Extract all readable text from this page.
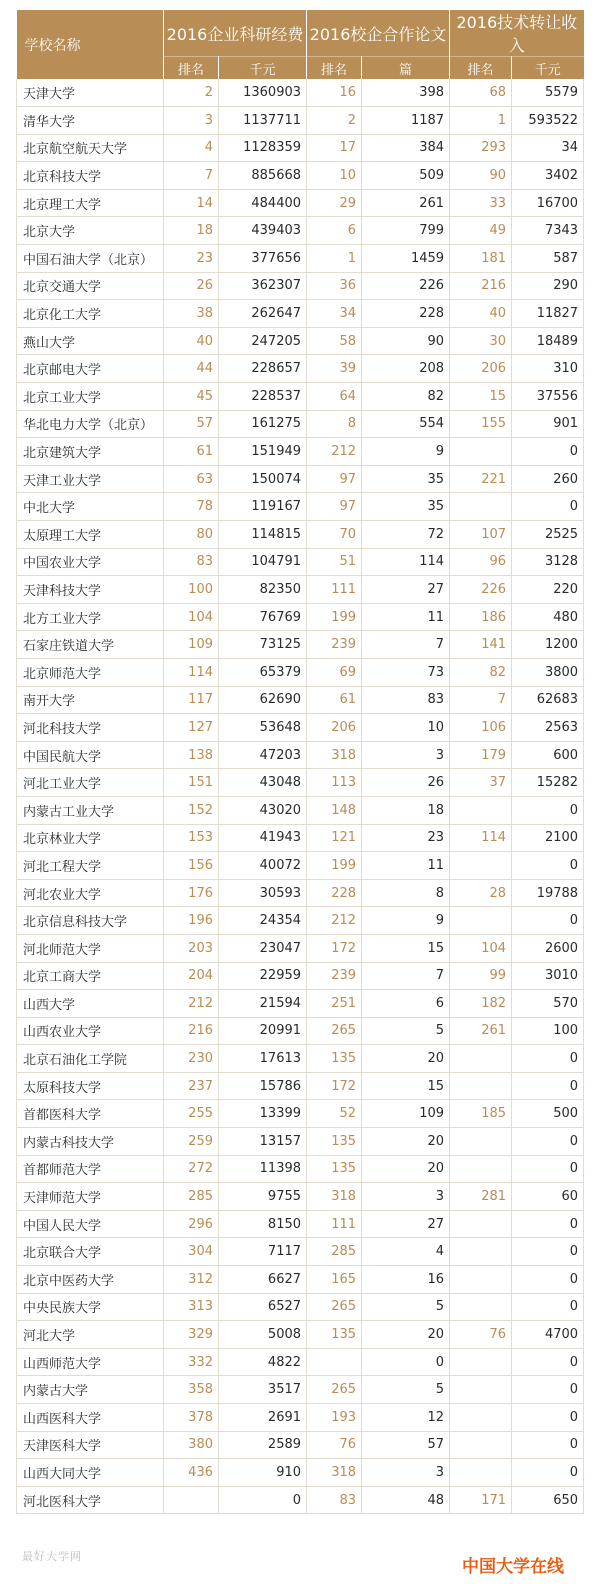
学校名称	2016企业科研经费		2016校企合作论文		2016技术转让收入	
	排名	千元	排名	篇	排名	千元
天津大学	2	1360903	16	398	68	5579
清华大学	3	1137711	2	1187	1	593522
北京航空航天大学	4	1128359	17	384	293	34
北京科技大学	7	885668	10	509	90	3402
北京理工大学	14	484400	29	261	33	16700
北京大学	18	439403	6	799	49	7343
中国石油大学（北京）	23	377656	1	1459	181	587
北京交通大学	26	362307	36	226	216	290
北京化工大学	38	262647	34	228	40	11827
燕山大学	40	247205	58	90	30	18489
北京邮电大学	44	228657	39	208	206	310
北京工业大学	45	228537	64	82	15	37556
华北电力大学（北京）	57	161275	8	554	155	901
北京建筑大学	61	151949	212	9		0
天津工业大学	63	150074	97	35	221	260
中北大学	78	119167	97	35		0
太原理工大学	80	114815	70	72	107	2525
中国农业大学	83	104791	51	114	96	3128
天津科技大学	100	82350	111	27	226	220
北方工业大学	104	76769	199	11	186	480
石家庄铁道大学	109	73125	239	7	141	1200
北京师范大学	114	65379	69	73	82	3800
南开大学	117	62690	61	83	7	62683
河北科技大学	127	53648	206	10	106	2563
中国民航大学	138	47203	318	3	179	600
河北工业大学	151	43048	113	26	37	15282
内蒙古工业大学	152	43020	148	18		0
北京林业大学	153	41943	121	23	114	2100
河北工程大学	156	40072	199	11		0
河北农业大学	176	30593	228	8	28	19788
北京信息科技大学	196	24354	212	9		0
河北师范大学	203	23047	172	15	104	2600
北京工商大学	204	22959	239	7	99	3010
山西大学	212	21594	251	6	182	570
山西农业大学	216	20991	265	5	261	100
北京石油化工学院	230	17613	135	20		0
太原科技大学	237	15786	172	15		0
首都医科大学	255	13399	52	109	185	500
内蒙古科技大学	259	13157	135	20		0
首都师范大学	272	11398	135	20		0
天津师范大学	285	9755	318	3	281	60
中国人民大学	296	8150	111	27		0
北京联合大学	304	7117	285	4		0
北京中医药大学	312	6627	165	16		0
中央民族大学	313	6527	265	5		0
河北大学	329	5008	135	20	76	4700
山西师范大学	332	4822		0		0
内蒙古大学	358	3517	265	5		0
山西医科大学	378	2691	193	12		0
天津医科大学	380	2589	76	57		0
山西大同大学	436	910	318	3		0
河北医科大学		0	83	48	171	650
最好大学网
中国大学在线
